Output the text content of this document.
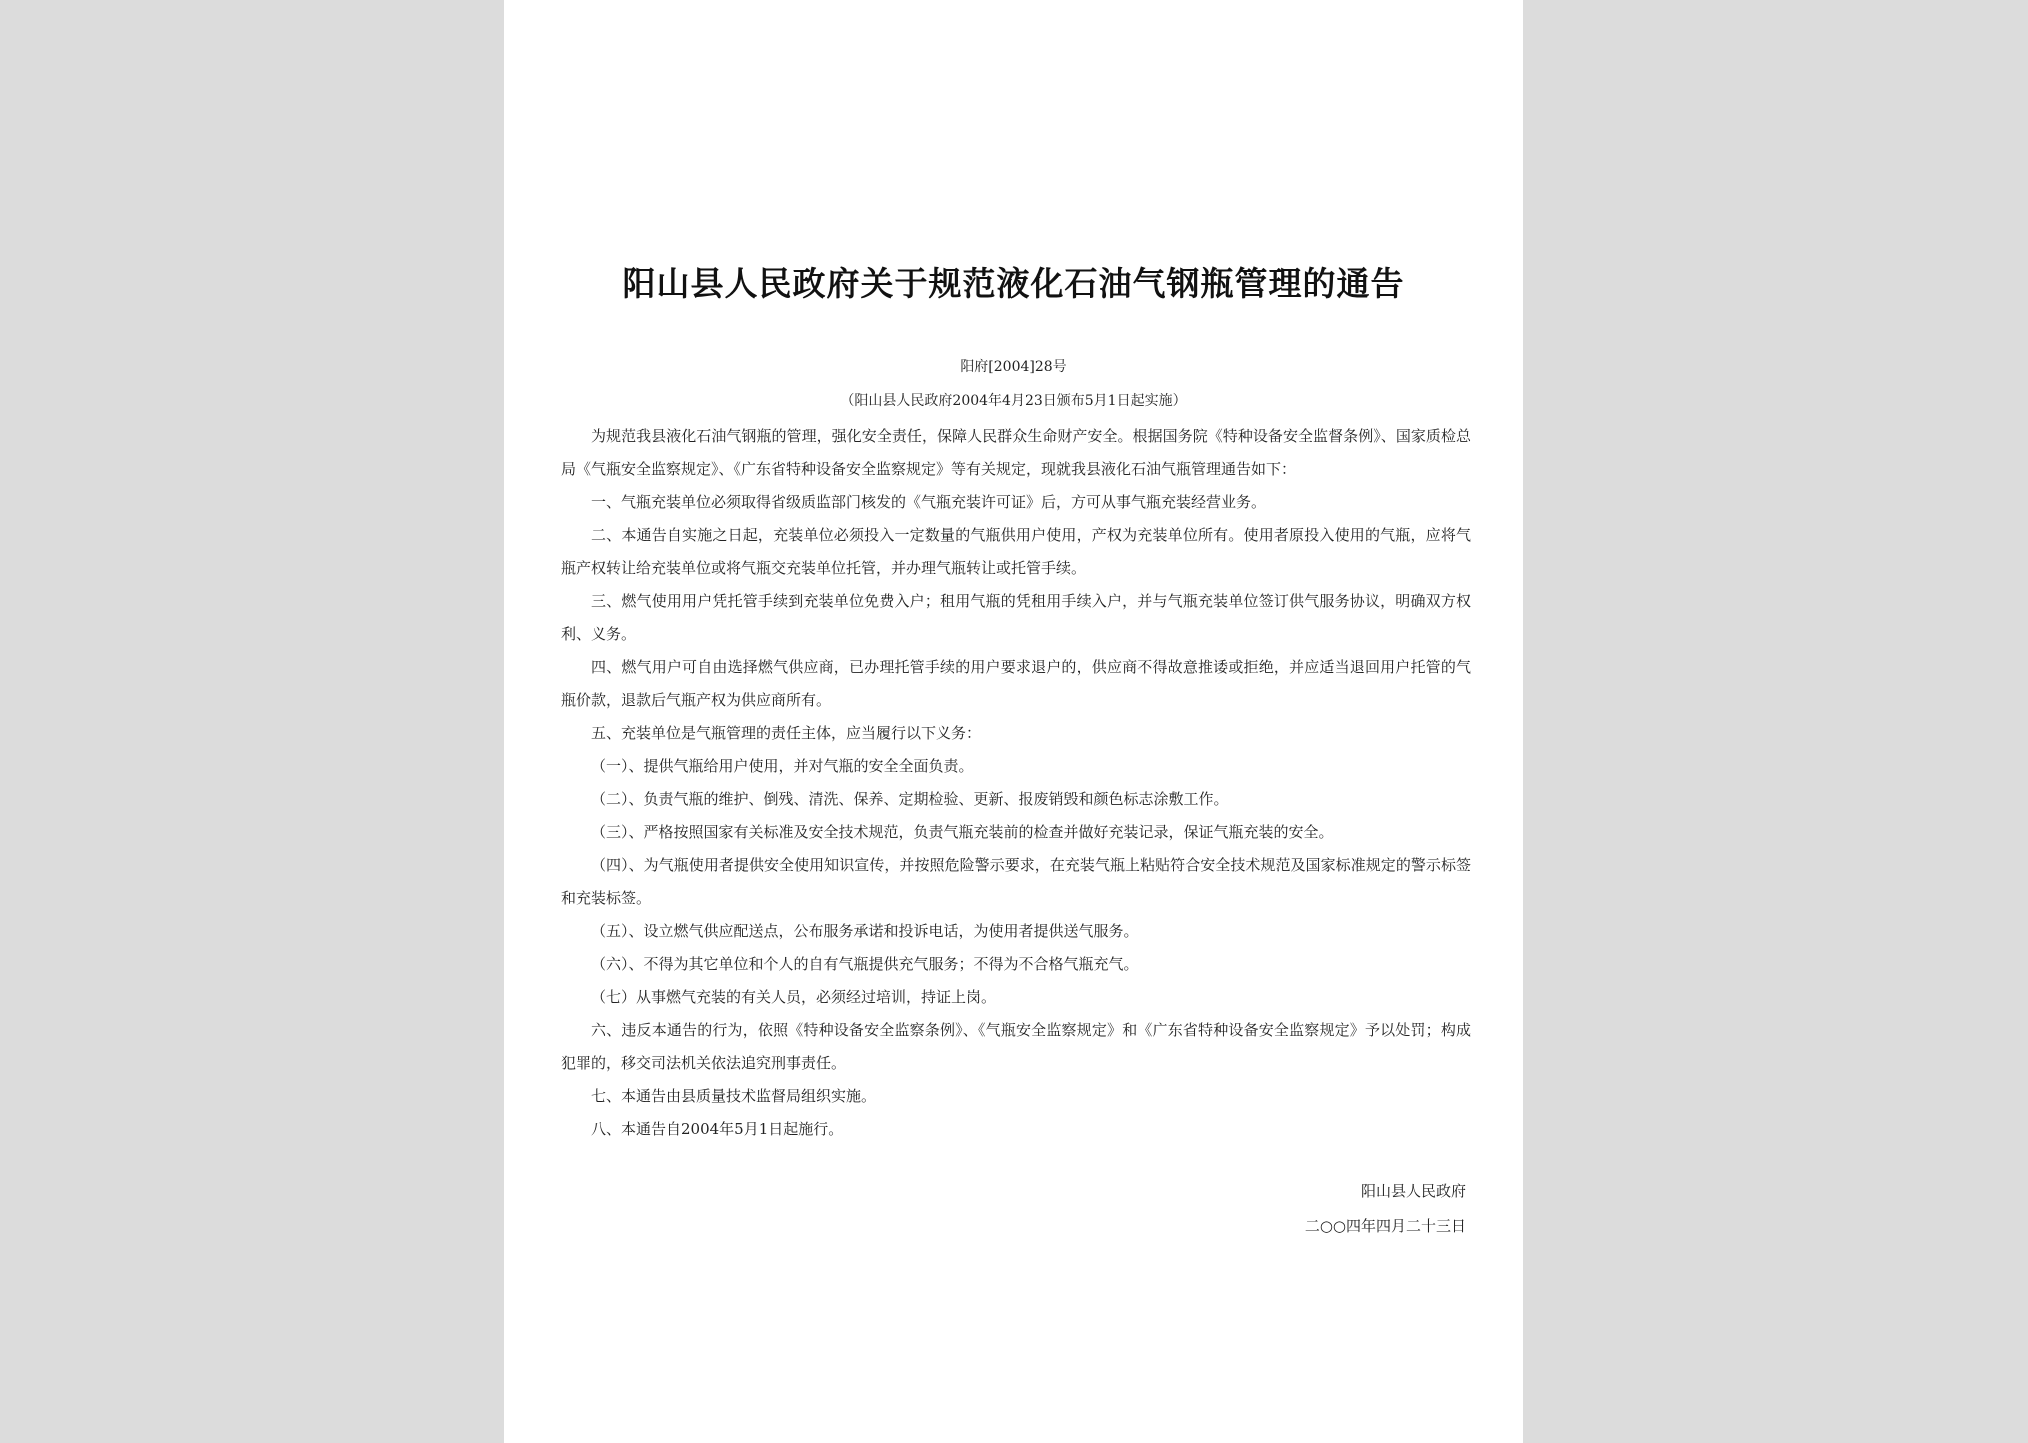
阳山县人民政府关于规范液化石油气钢瓶管理的通告
阳府[2004]28号
（阳山县人民政府2004年4月23日颁布5月1日起实施）

为规范我县液化石油气钢瓶的管理，强化安全责任，保障人民群众生命财产安全。根据国务院《特种设备安全监督条例》、国家质检总局《气瓶安全监察规定》、《广东省特种设备安全监察规定》等有关规定，现就我县液化石油气瓶管理通告如下：

一、气瓶充装单位必须取得省级质监部门核发的《气瓶充装许可证》后，方可从事气瓶充装经营业务。

二、本通告自实施之日起，充装单位必须投入一定数量的气瓶供用户使用，产权为充装单位所有。使用者原投入使用的气瓶，应将气瓶产权转让给充装单位或将气瓶交充装单位托管，并办理气瓶转让或托管手续。

三、燃气使用用户凭托管手续到充装单位免费入户；租用气瓶的凭租用手续入户，并与气瓶充装单位签订供气服务协议，明确双方权利、义务。

四、燃气用户可自由选择燃气供应商，已办理托管手续的用户要求退户的，供应商不得故意推诿或拒绝，并应适当退回用户托管的气瓶价款，退款后气瓶产权为供应商所有。

五、充装单位是气瓶管理的责任主体，应当履行以下义务：

（一）、提供气瓶给用户使用，并对气瓶的安全全面负责。

（二）、负责气瓶的维护、倒残、清洗、保养、定期检验、更新、报废销毁和颜色标志涂敷工作。

（三）、严格按照国家有关标准及安全技术规范，负责气瓶充装前的检查并做好充装记录，保证气瓶充装的安全。

（四）、为气瓶使用者提供安全使用知识宣传，并按照危险警示要求，在充装气瓶上粘贴符合安全技术规范及国家标准规定的警示标签和充装标签。

（五）、设立燃气供应配送点，公布服务承诺和投诉电话，为使用者提供送气服务。

（六）、不得为其它单位和个人的自有气瓶提供充气服务；不得为不合格气瓶充气。

（七）从事燃气充装的有关人员，必须经过培训，持证上岗。

六、违反本通告的行为，依照《特种设备安全监察条例》、《气瓶安全监察规定》和《广东省特种设备安全监察规定》予以处罚；构成犯罪的，移交司法机关依法追究刑事责任。

七、本通告由县质量技术监督局组织实施。

八、本通告自2004年5月1日起施行。

阳山县人民政府
二○○四年四月二十三日
